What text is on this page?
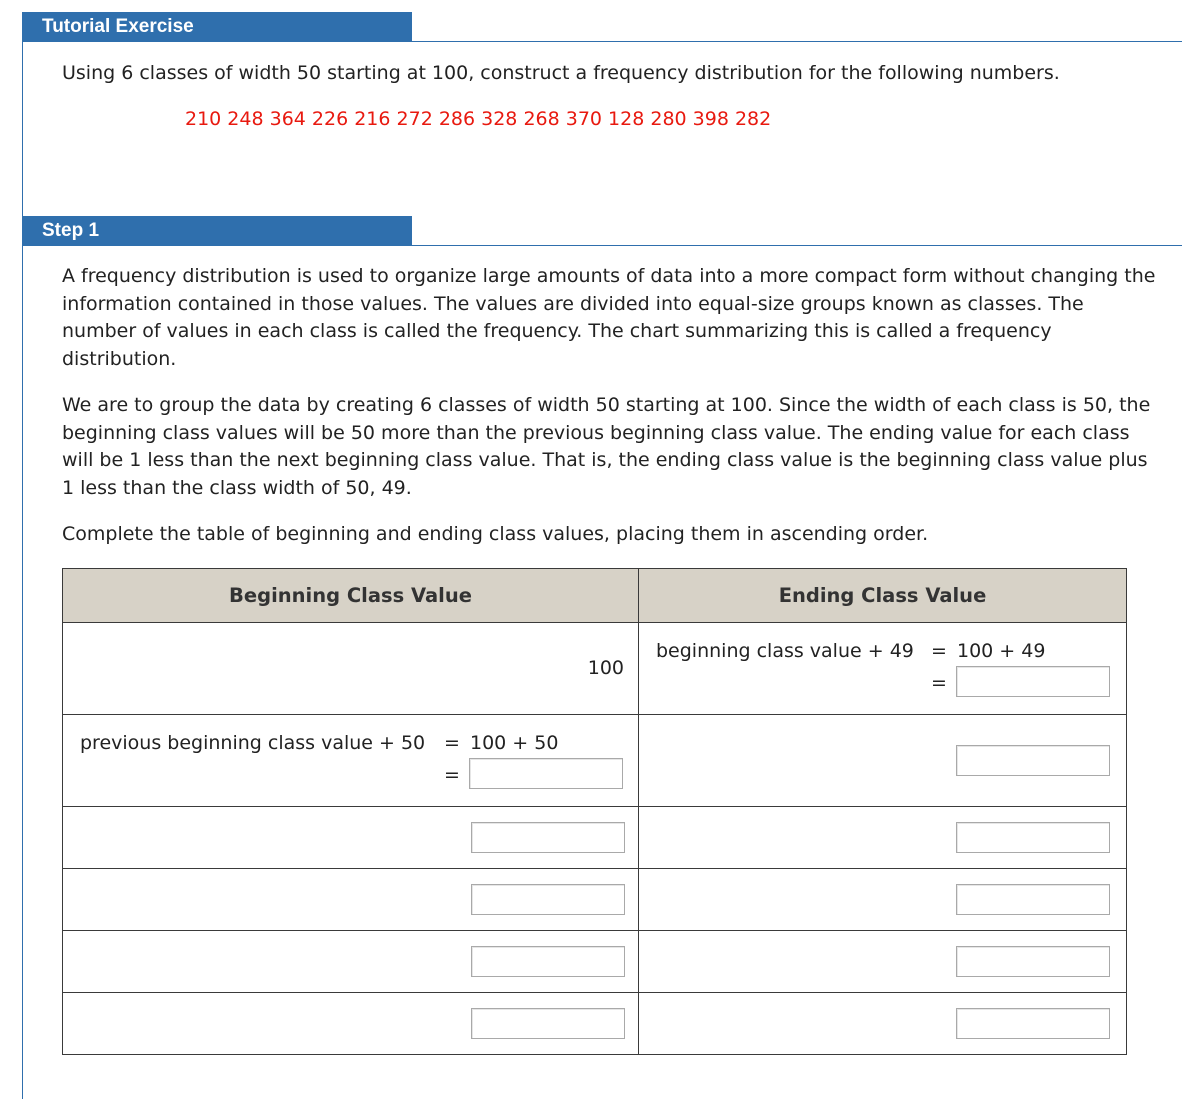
Tutorial Exercise

Using 6 classes of width 50 starting at 100, construct a frequency distribution for the following numbers.

210 248 364 226 216 272 286 328 268 370 128 280 398 282

Step 1

A frequency distribution is used to organize large amounts of data into a more compact form without changing the information contained in those values. The values are divided into equal-size groups known as classes. The number of values in each class is called the frequency. The chart summarizing this is called a frequency distribution.

We are to group the data by creating 6 classes of width 50 starting at 100. Since the width of each class is 50, the beginning class values will be 50 more than the previous beginning class value. The ending value for each class will be 1 less than the next beginning class value. That is, the ending class value is the beginning class value plus 1 less than the class width of 50, 49.

Complete the table of beginning and ending class values, placing them in ascending order.

Beginning Class Value	Ending Class Value

100	beginning class value + 49 = 100 + 49
=

previous beginning class value + 50 = 100 + 50
=
